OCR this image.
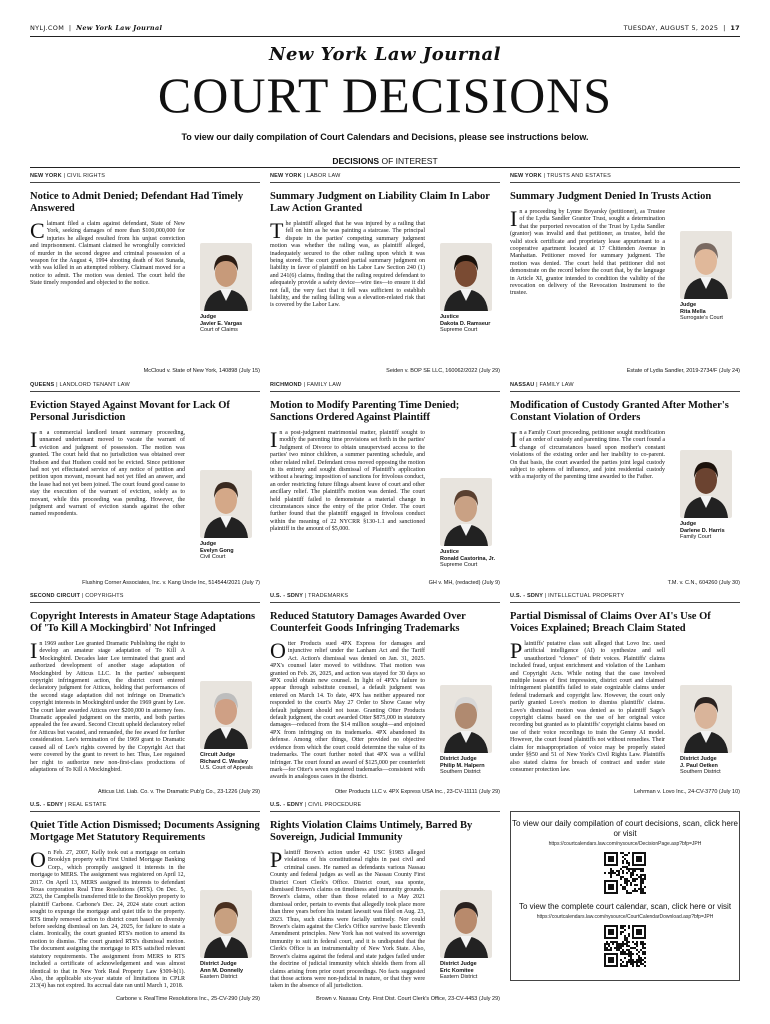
NYLJ.COM  |  New York Law Journal	TUESDAY, AUGUST 5, 2025  |  17
New York Law Journal
COURT DECISIONS
To view our daily compilation of Court Calendars and Decisions, please see instructions below.
DECISIONS OF INTEREST
NEW YORK | CIVIL RIGHTS
Notice to Admit Denied; Defendant Had Timely Answered
Claimant filed a claim against defendant, State of New York, seeking damages of more than $100,000,000 for injuries he alleged resulted from his unjust conviction and imprisonment. Claimant claimed he wrongfully convicted of murder in the second degree and criminal possession of a weapon for the August 4, 1994 shooting death of Kei Sunada, with was killed in an attempted robbery. Claimant moved for a notice to admit. The motion was denied. The court held the State timely responded and objected to the notice.
Judge
Javier E. Vargas
Court of Claims
McCloud v. State of New York, 140898 (July 15)
NEW YORK | LABOR LAW
Summary Judgment on Liability Claim In Labor Law Action Granted
The plaintiff alleged that he was injured by a railing that fell on him as he was painting a staircase. The principal dispute in the parties' competing summary judgment motion was whether the railing was, as plaintiff alleged, inadequately secured to the other railing upon which it was being stored. The court granted partial summary judgment on liability in favor of plaintiff on his Labor Law Section 240 (1) and 241(6) claims, finding that the railing required defendant to adequately provide a safety device—wire ties—to ensure it did not fall, the very fact that it fell was sufficient to establish liability, and the railing falling was a elevation-related risk that is covered by the Labor Law.
Justice
Dakota D. Ramseur
Supreme Court
Seiden v. BOP SE LLC, 160062/2022 (July 29)
NEW YORK | TRUSTS AND ESTATES
Summary Judgment Denied In Trusts Action
In a proceeding by Lynne Boyarsky (petitioner), as Trustee of the Lydia Sandler Grantor Trust, sought a determination that the purported revocation of the Trust by Lydia Sandler (grantor) was invalid and that petitioner, as trustee, held the valid stock certificate and proprietary lease appurtenant to a cooperative apartment located at 17 Chittenden Avenue in Manhattan. Petitioner moved for summary judgment. The motion was denied. The court held that petitioner did not demonstrate on the record before the court that, by the language in Article XI, grantor intended to condition the validity of the revocation on delivery of the Revocation Instrument to the trustee.
Judge
Rita Mella
Surrogate's Court
Estate of Lydia Sandler, 2019-2734/F (July 24)
QUEENS | LANDLORD TENANT LAW
Eviction Stayed Against Movant for Lack Of Personal Jurisdiction
In a commercial landlord tenant summary proceeding, unnamed undertenant moved to vacate the warrant of eviction and judgment of possession. The motion was granted. The court held that no jurisdiction was obtained over Hudson and that Hudson could not be evicted. Since petitioner had not yet effectuated service of any notice of petition and petition upon movant, movant had not yet filed an answer, and the lease had not yet been joined. The court found good cause to stay the execution of the warrant of eviction, solely as to movant, while this proceeding was pending. However, the judgment and warrant of eviction stands against the other named respondents.
Judge
Evelyn Gong
Civil Court
Flushing Corner Associates, Inc. v. Kang Uncle Inc, 514544/2021 (July 7)
RICHMOND | FAMILY LAW
Motion to Modify Parenting Time Denied; Sanctions Ordered Against Plaintiff
In a post-judgment matrimonial matter, plaintiff sought to modify the parenting time provisions set forth in the parties' Judgment of Divorce to obtain unsupervised access to the parties' two minor children, a summer parenting schedule, and other related relief. Defendant cross moved opposing the motion in its entirety and sought dismissal of Plaintiff's application without a hearing; imposition of sanctions for frivolous conduct, an order restricting future filings absent leave of court and other ancillary relief. The plaintiff's motion was denied. The court held plaintiff failed to demonstrate a material change in circumstances since the entry of the prior Order. The court further found that the plaintiff engaged in frivolous conduct within the meaning of 22 NYCRR §130-1.1 and sanctioned plaintiff in the amount of $5,000.
Justice
Ronald Castorina, Jr.
Supreme Court
GH v. MH, (redacted) (July 9)
NASSAU | FAMILY LAW
Modification of Custody Granted After Mother's Constant Violation of Orders
In a Family Court proceeding, petitioner sought modification of an order of custody and parenting time. The court found a change of circumstances based upon mother's constant violations of the existing order and her inability to co-parent. On that basis, the court awarded the parties joint legal custody subject to spheres of influence, and joint residential custody with a majority of the parenting time awarded to the Father.
Judge
Darlene D. Harris
Family Court
T.M. v. C.N., 604260 (July 30)
SECOND CIRCUIT | COPYRIGHTS
Copyright Interests in Amateur Stage Adaptations Of 'To Kill A Mockingbird' Not Infringed
In 1969 author Lee granted Dramatic Publishing the right to develop an amateur stage adaptation of To Kill A Mockingbird. Decades later Lee terminated that grant and authorized development of another stage adaptation of Mockingbird by Atticus LLC. In the parties' subsequent copyright infringement action, the district court entered declaratory judgment for Atticus, holding that performances of the second stage adaptation did not infringe on Dramatic's copyright interests in Mockingbird under the 1969 grant by Lee. The court later awarded Atticus over $200,000 in attorney fees. Dramatic appealed judgment on the merits, and both parties appealed the fee award. Second Circuit upheld declaratory relief for Atticus but vacated, and remanded, the fee award for further consideration. Lee's termination of the 1969 grant to Dramatic caused all of Lee's rights covered by the Copyright Act that were covered by the grant to revert to her. Thus, Lee regained her right to authorize new non-first-class productions of adaptations of To Kill A Mockingbird.
Circuit Judge
Richard C. Wesley
U.S. Court of Appeals
Atticus Ltd. Liab. Co. v. The Dramatic Pub'g Co., 23-1226 (July 29)
U.S. - SDNY | TRADEMARKS
Reduced Statutory Damages Awarded Over Counterfeit Goods Infringing Trademarks
Otter Products sued 4PX Express for damages and injunctive relief under the Lanham Act and the Tariff Act. Action's dismissal was denied on Jan. 31, 2025. 4PX's counsel later moved to withdraw. That motion was granted on Feb. 26, 2025, and action was stayed for 30 days so 4PX could obtain new counsel. In light of 4PX's failure to appear through substitute counsel, a default judgment was entered on March 14. To date, 4PX has neither appeared nor responded to the court's May 27 Order to Show Cause why default judgment should not issue. Granting Otter Products default judgment, the court awarded Otter $875,000 in statutory damages—reduced from the $14 million sought—and enjoined 4PX from infringing on its trademarks. 4PX abandoned its defense. Among other things, Otter provided no objective evidence from which the court could determine the value of its trademarks. The court further noted that 4PX was a willful infringer. The court found an award of $125,000 per counterfeit mark—for Otter's seven registered trademarks—consistent with awards in analogous cases in the district.
District Judge
Philip M. Halpern
Southern District
Otter Products LLC v. 4PX Express USA Inc., 23-CV-11111 (July 29)
U.S. - SDNY | INTELLECTUAL PROPERTY
Partial Dismissal of Claims Over AI's Use Of Voices Explained; Breach Claim Stated
Plaintiffs' putative class suit alleged that Lovo Inc. used artificial intelligence (AI) to synthesize and sell unauthorized "clones" of their voices. Plaintiffs' claims included fraud, unjust enrichment and violation of the Lanham and Copyright Acts. While noting that the case involved multiple issues of first impression, district court and claimed infringement plaintiffs failed to state cognizable claims under federal trademark and copyright law. However, the court only partly granted Lovo's motion to dismiss plaintiffs' claims. Lovo's dismissal motion was denied as to plaintiff Sage's copyright claims based on the use of her original voice recording but granted as to plaintiffs' copyright claims based on use of their voice recordings to train the Genny AI model. However, the court found plaintiffs not without remedies. Their claim for misappropriation of voice may be properly stated under §§50 and 51 of New York's Civil Rights Law. Plaintiffs also stated claims for breach of contract and under state consumer protection law.
District Judge
J. Paul Oetken
Southern District
Lehrman v. Lovo Inc., 24-CV-3770 (July 10)
U.S. - EDNY | REAL ESTATE
Quiet Title Action Dismissed; Documents Assigning Mortgage Met Statutory Requirements
On Feb. 27, 2007, Kelly took out a mortgage on certain Brooklyn property with First United Mortgage Banking Corp., which promptly assigned it interests in the mortgage to MERS. The assignment was registered on April 12, 2017. On April 13, MERS assigned its interests to defendant Texas corporation Real Time Resolutions (RTS). On Dec. 5, 2023, the Campbells transferred title to the Brooklyn property to plaintiff Carbone. Carbone's Dec. 24, 2024 state court action sought to expunge the mortgage and quiet title to the property. RTS timely removed action to district court based on diversity before seeking dismissal on Jan. 24, 2025, for failure to state a claim. Ironically, the court granted RTS's motion to amend its motion to dismiss. The court granted RTS's dismissal motion. The document assigning the mortgage to RTS satisfied relevant statutory requirements. The assignment from MERS to RTS included a certificate of acknowledgement and was almost identical to that in New York Real Property Law §309-b(1). Also, the applicable six-year statute of limitations in CPLR 213(4) has not expired. Its accrual date ran until March 1, 2018.
District Judge
Ann M. Donnelly
Eastern District
Carbone v. RealTime Resolutions Inc., 25-CV-290 (July 29)
U.S. - EDNY | CIVIL PROCEDURE
Rights Violation Claims Untimely, Barred By Sovereign, Judicial Immunity
Plaintiff Brown's action under 42 USC §1983 alleged violations of his constitutional rights in past civil and criminal cases. He named as defendants various Nassau County and federal judges as well as the Nassau County First District Court Clerk's Office. District court, sua sponte, dismissed Brown's claims on timeliness and immunity grounds. Brown's claims, other than those related to a May 2021 dismissal order, pertain to events that allegedly took place more than three years before his instant lawsuit was filed on Aug. 23, 2023. Thus, such claims were facially untimely. Nor could Brown's claim against the Clerk's Office survive basic Eleventh Amendment principles. New York has not waived its sovereign immunity to suit in federal court, and it is undisputed that the Clerk's Office is an instrumentality of New York State. Also, Brown's claims against the federal and state judges failed under the doctrine of judicial immunity which shields them from all claims arising from prior court proceedings. No facts suggested that those actions were non-judicial in nature, or that they were taken in the absence of all jurisdiction.
District Judge
Eric Komitee
Eastern District
Brown v. Nassau Cnty. First Dist. Court Clerk's Office, 23-CV-4453 (July 29)
To view our daily compilation of court decisions, scan, click here or visit
https://courtcalendars.law.com/nysource/DecisionPage.asp?bfp=JPH
To view the complete court calendar, scan, click here or visit
https://courtcalendars.law.com/nysource/CourtCalendarDownload.asp?bfp=JPH
